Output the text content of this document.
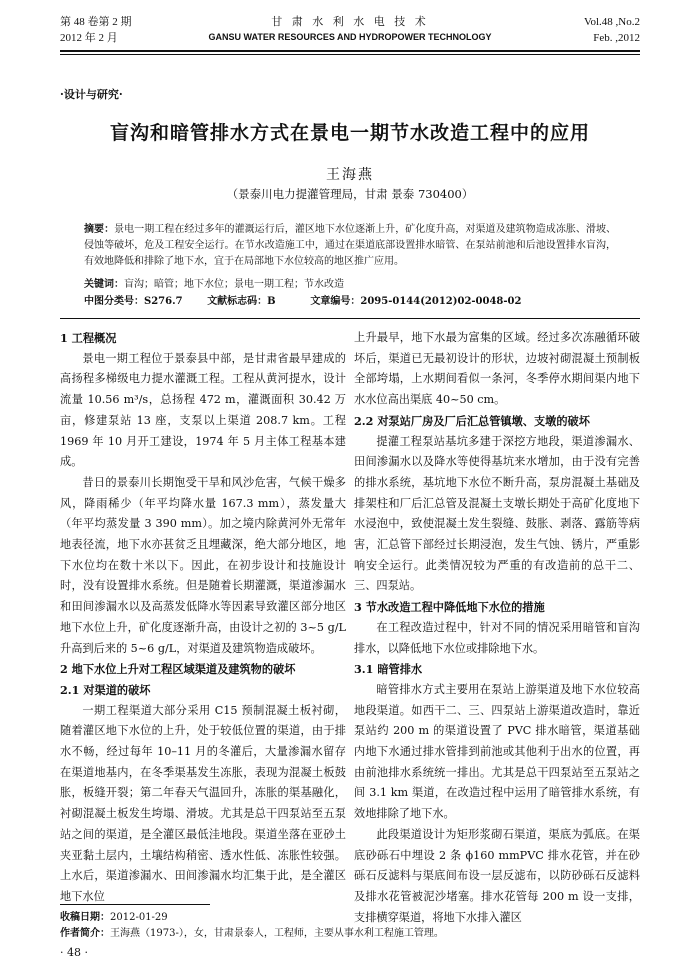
第 48 卷第 2 期
2012 年 2 月
甘 肃 水 利 水 电 技 术
GANSU WATER RESOURCES AND HYDROPOWER TECHNOLOGY
Vol.48 ,No.2
Feb. ,2012
·设计与研究·
盲沟和暗管排水方式在景电一期节水改造工程中的应用
王海燕
（景泰川电力提灌管理局，甘肃 景泰 730400）
摘要：景电一期工程在经过多年的灌溉运行后，灌区地下水位逐渐上升，矿化度升高，对渠道及建筑物造成冻胀、滑坡、侵蚀等破坏，危及工程安全运行。在节水改造施工中，通过在渠道底部设置排水暗管、在泵站前池和后池设置排水盲沟，有效地降低和排除了地下水，宜于在局部地下水位较高的地区推广应用。
关键词：盲沟；暗管；地下水位；景电一期工程；节水改造
中图分类号：S276.7 文献标志码：B	文章编号：2095-0144(2012)02-0048-02
1 工程概况

景电一期工程位于景泰县中部，是甘肃省最早建成的高扬程多梯级电力提水灌溉工程。工程从黄河提水，设计流量 10.56 m³/s，总扬程 472 m，灌溉面积 30.42 万亩，修建泵站 13 座，支泵以上渠道 208.7 km。工程 1969 年 10 月开工建设，1974 年 5 月主体工程基本建成。

昔日的景泰川长期饱受干旱和风沙危害，气候干燥多风，降雨稀少（年平均降水量 167.3 mm），蒸发量大（年平均蒸发量 3 390 mm）。加之境内除黄河外无常年地表径流，地下水亦甚贫乏且埋藏深，绝大部分地区，地下水位均在数十米以下。因此，在初步设计和技施设计时，没有设置排水系统。但是随着长期灌溉，渠道渗漏水和田间渗漏水以及高蒸发低降水等因素导致灌区部分地区地下水位上升，矿化度逐渐升高，由设计之初的 3~5 g/L 升高到后来的 5~6 g/L，对渠道及建筑物造成破坏。

2 地下水位上升对工程区域渠道及建筑物的破坏
2.1 对渠道的破坏

一期工程渠道大部分采用 C15 预制混凝土板衬砌，随着灌区地下水位的上升，处于较低位置的渠道，由于排水不畅，经过每年 10–11 月的冬灌后，大量渗漏水留存在渠道地基内，在冬季渠基发生冻胀，表现为混凝土板鼓胀，板缝开裂；第二年春天气温回升，冻胀的渠基融化，衬砌混凝土板发生垮塌、滑坡。尤其是总干四泵站至五泵站之间的渠道，是全灌区最低洼地段。渠道坐落在亚砂土夹亚黏土层内，土壤结构稍密、透水性低、冻胀性较强。上水后，渠道渗漏水、田间渗漏水均汇集于此，是全灌区地下水位

上升最早，地下水最为富集的区域。经过多次冻融循环破坏后，渠道已无最初设计的形状，边坡衬砌混凝土预制板全部垮塌，上水期间看似一条河，冬季停水期间渠内地下水水位高出渠底 40~50 cm。

2.2 对泵站厂房及厂后汇总管镇墩、支墩的破坏

提灌工程泵站基坑多建于深挖方地段，渠道渗漏水、田间渗漏水以及降水等使得基坑来水增加，由于没有完善的排水系统，基坑地下水位不断升高，泵房混凝土基础及排架柱和厂后汇总管及混凝土支墩长期处于高矿化度地下水浸泡中，致使混凝土发生裂缝、鼓胀、剥落、露筋等病害，汇总管下部经过长期浸泡，发生气蚀、锈片，严重影响安全运行。此类情况较为严重的有改造前的总干二、三、四泵站。

3 节水改造工程中降低地下水位的措施

在工程改造过程中，针对不同的情况采用暗管和盲沟排水，以降低地下水位或排除地下水。

3.1 暗管排水

暗管排水方式主要用在泵站上游渠道及地下水位较高地段渠道。如西干二、三、四泵站上游渠道改造时，靠近泵站约 200 m 的渠道设置了 PVC 排水暗管，渠道基础内地下水通过排水管排到前池或其他利于出水的位置，再由前池排水系统统一排出。尤其是总干四泵站至五泵站之间 3.1 km 渠道，在改造过程中运用了暗管排水系统，有效地排除了地下水。

此段渠道设计为矩形浆砌石渠道，渠底为弧底。在渠底砂砾石中埋设 2 条 ϕ160 mmPVC 排水花管，并在砂砾石反滤料与渠底间布设一层反滤布，以防砂砾石反滤料及排水花管被泥沙堵塞。排水花管每 200 m 设一支排，支排横穿渠道，将地下水排入灌区

收稿日期：2012-01-29
作者简介：王海燕（1973-），女，甘肃景泰人，工程师，主要从事水利工程施工管理。
· 48 ·
